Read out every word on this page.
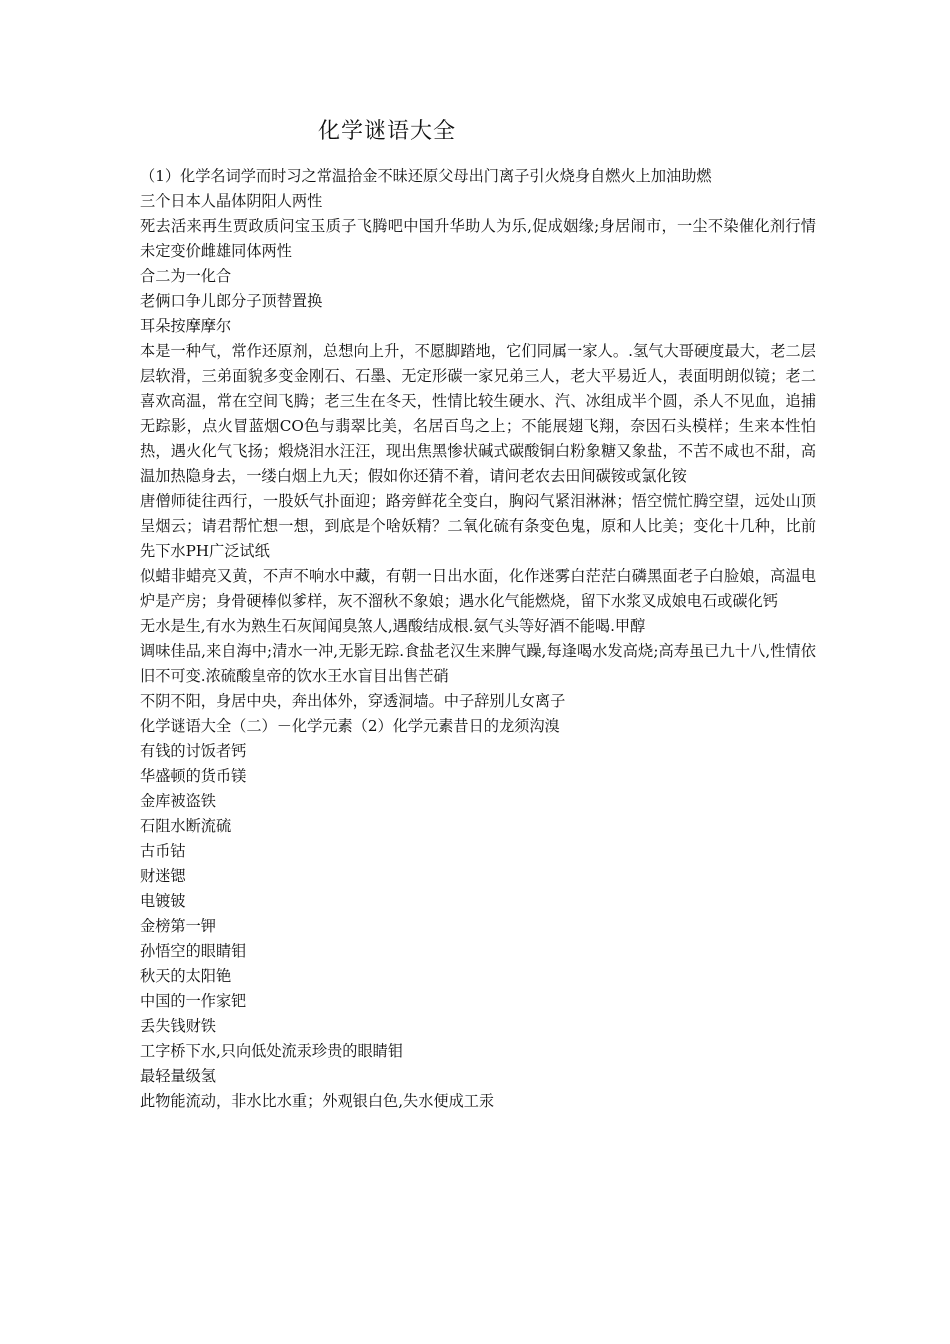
化学谜语大全

（1）化学名词学而时习之常温拾金不昧还原父母出门离子引火烧身自燃火上加油助燃

三个日本人晶体阴阳人两性

死去活来再生贾政质问宝玉质子飞腾吧中国升华助人为乐,促成姻缘;身居闹市，一尘不染催化剂行情未定变价雌雄同体两性

合二为一化合

老俩口争儿郎分子顶替置换

耳朵按摩摩尔

本是一种气，常作还原剂，总想向上升，不愿脚踏地，它们同属一家人。.氢气大哥硬度最大，老二层层软滑，三弟面貌多变金刚石、石墨、无定形碳一家兄弟三人，老大平易近人，表面明朗似镜；老二喜欢高温，常在空间飞腾；老三生在冬天，性情比较生硬水、汽、冰组成半个圆，杀人不见血，追捕无踪影，点火冒蓝烟CO色与翡翠比美，名居百鸟之上；不能展翅飞翔，奈因石头模样；生来本性怕热，遇火化气飞扬；煅烧泪水汪汪，现出焦黑惨状碱式碳酸铜白粉象糖又象盐，不苦不咸也不甜，高温加热隐身去，一缕白烟上九天；假如你还猜不着，请问老农去田间碳铵或氯化铵

唐僧师徒往西行，一股妖气扑面迎；路旁鲜花全变白，胸闷气紧泪淋淋；悟空慌忙腾空望，远处山顶呈烟云；请君帮忙想一想，到底是个啥妖精？二氧化硫有条变色鬼，原和人比美；变化十几种，比前先下水PH广泛试纸

似蜡非蜡亮又黄，不声不响水中藏，有朝一日出水面，化作迷雾白茫茫白磷黑面老子白脸娘，高温电炉是产房；身骨硬棒似爹样，灰不溜秋不象娘；遇水化气能燃烧，留下水浆叉成娘电石或碳化钙

无水是生,有水为熟生石灰闻闻臭煞人,遇酸结成根.氨气头等好酒不能喝.甲醇

调味佳品,来自海中;清水一冲,无影无踪.食盐老汉生来脾气躁,每逢喝水发高烧;高寿虽已九十八,性情依旧不可变.浓硫酸皇帝的饮水王水盲目出售芒硝

不阴不阳，身居中央，奔出体外，穿透洞墙。中子辞别儿女离子

化学谜语大全（二）－化学元素（2）化学元素昔日的龙须沟溴

有钱的讨饭者钙

华盛顿的货币镁

金库被盗铁

石阻水断流硫

古币钴

财迷锶

电镀铍

金榜第一钾

孙悟空的眼睛钼

秋天的太阳铯

中国的一作家钯

丢失钱财铁

工字桥下水,只向低处流汞珍贵的眼睛钼

最轻量级氢

此物能流动，非水比水重；外观银白色,失水便成工汞
